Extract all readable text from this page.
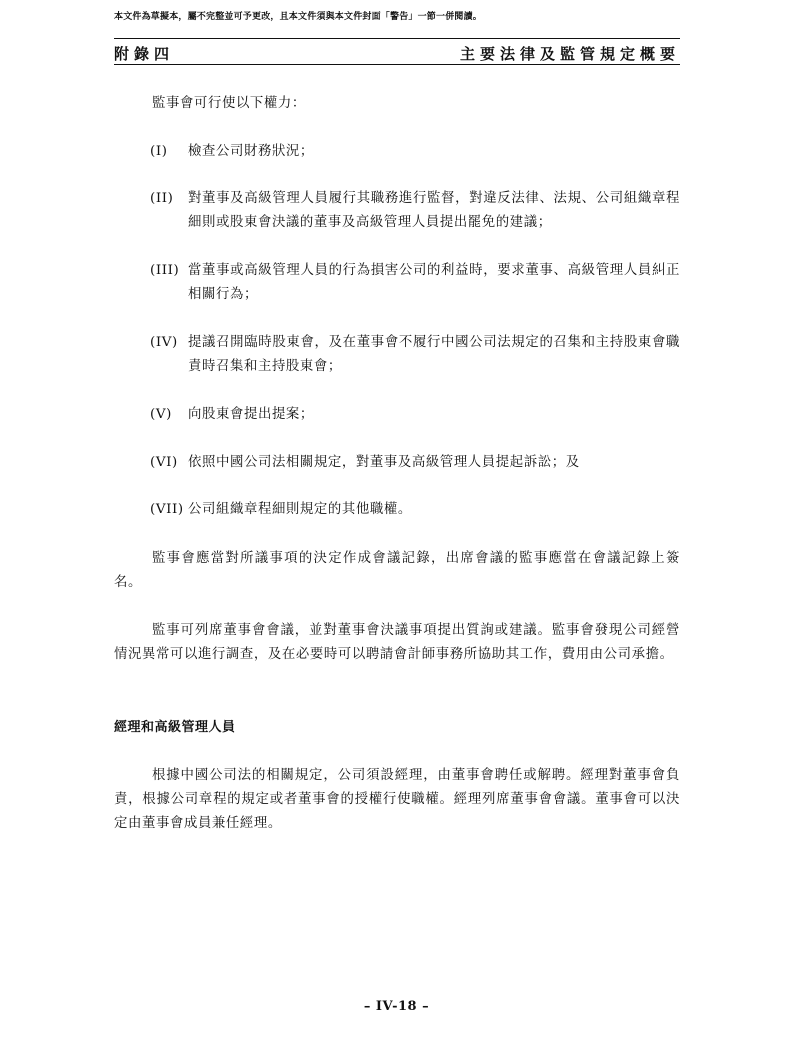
本文件為草擬本，屬不完整並可予更改，且本文件須與本文件封面「警告」一節一併閱讀。
附錄四	主要法律及監管規定概要
監事會可行使以下權力：
(I)	檢查公司財務狀況；
(II)	對董事及高級管理人員履行其職務進行監督，對違反法律、法規、公司組織章程細則或股東會決議的董事及高級管理人員提出罷免的建議；
(III) 當董事或高級管理人員的行為損害公司的利益時，要求董事、高級管理人員糾正相關行為；
(IV) 提議召開臨時股東會，及在董事會不履行中國公司法規定的召集和主持股東會職責時召集和主持股東會；
(V)	向股東會提出提案；
(VI) 依照中國公司法相關規定，對董事及高級管理人員提起訴訟；及
(VII) 公司組織章程細則規定的其他職權。
監事會應當對所議事項的決定作成會議記錄，出席會議的監事應當在會議記錄上簽名。
監事可列席董事會會議，並對董事會決議事項提出質詢或建議。監事會發現公司經營情況異常可以進行調查，及在必要時可以聘請會計師事務所協助其工作，費用由公司承擔。
經理和高級管理人員
根據中國公司法的相關規定，公司須設經理，由董事會聘任或解聘。經理對董事會負責，根據公司章程的規定或者董事會的授權行使職權。經理列席董事會會議。董事會可以決定由董事會成員兼任經理。
– IV-18 –
